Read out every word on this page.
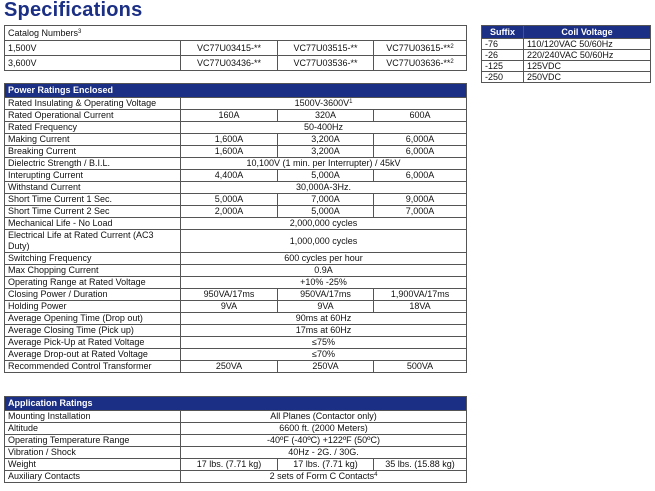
Specifications
Catalog Numbers$^3$
1,500V	VC77U03415-**	VC77U03515-**	VC77U03615-**$^2$
3,600V	VC77U03436-**	VC77U03536-**	VC77U03636-**$^2$
Suffix	Coil Voltage
-76	110/120VAC 50/60Hz
-26	220/240VAC 50/60Hz
-125	125VDC
-250	250VDC
Power Ratings Enclosed			
Rated Insulating & Operating Voltage	$1500V-3600V^1$
Rated Operational Current	160A	320A	600A
Rated Frequency	50-400Hz		
Making Current	1,600A	3,200A	6,000A
Breaking Current	1,600A	3,200A	6,000A
Dielectric Strength / B.I.L.	10,100V (1 min. per Interrupter) / 45kV		
Interupting Current	4,400A	5,000A	6,000A
Withstand Current	30,000A-3Hz.		
Short Time Current 1 Sec.	5,000A	7,000A	9,000A
Short Time Current 2 Sec	2,000A	5,000A	7,000A
Mechanical Life - No Load	2,000,000 cycles		
Electrical Life at Rated Current (AC3 Duty)	1,000,000 cycles		
Switching Frequency	600 cycles per hour		
Max Chopping Current	0.9A		
Operating Range at Rated Voltage	+10% -25%		
Closing Power / Duration	950VA/17ms	950VA/17ms	1,900VA/17ms
Holding Power	9VA	9VA	18VA
Average Opening Time (Drop out)	90ms at 60Hz		
Average Closing Time (Pick up)	17ms at 60Hz		
Average Pick-Up at Rated Voltage	≤75%		
Average Drop-out at Rated Voltage	≤70%		
Recommended Control Transformer	250VA	250VA	500VA
Application Ratings			
Mounting Installation	All Planes (Contactor only)		
Altitude	6600 ft. (2000 Meters)		
Operating Temperature Range	-40ºF (-40ºC) +122ºF (50ºC)		
Vibration / Shock	40Hz - 2G. / 30G.		
Weight	17 lbs. (7.71 kg)	17 lbs. (7.71 kg)	35 lbs. (15.88 kg)
Auxiliary Contacts	2 sets of Form C Contacts$^4$
